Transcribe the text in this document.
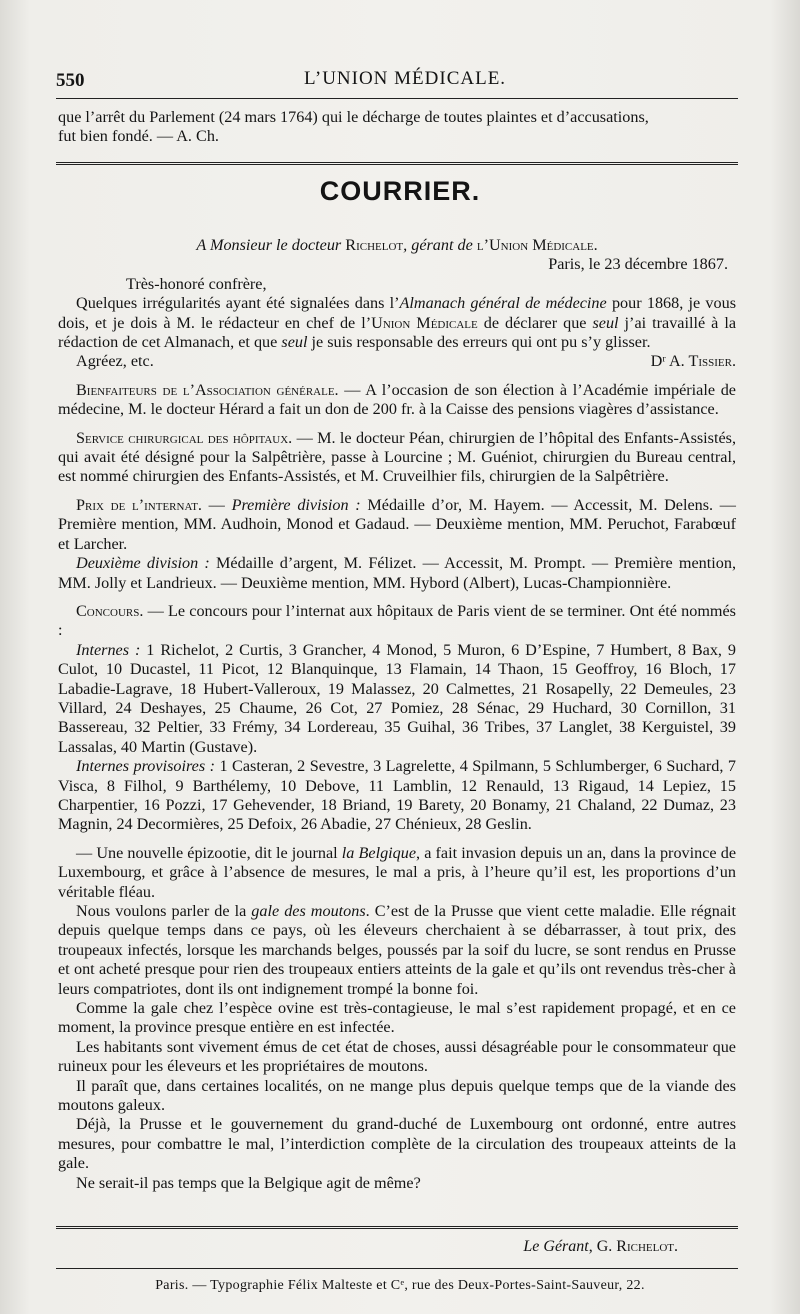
550	L’UNION MÉDICALE.

que l’arrêt du Parlement (24 mars 1764) qui le décharge de toutes plaintes et d’accusations,

fut bien fondé. — A. Ch.

COURRIER.

A Monsieur le docteur Richelot, gérant de l’Union Médicale.

Paris, le 23 décembre 1867.

Très-honoré confrère,

Quelques irrégularités ayant été signalées dans l’Almanach général de médecine pour 1868, je vous dois, et je dois à M. le rédacteur en chef de l’Union Médicale de déclarer que seul j’ai travaillé à la rédaction de cet Almanach, et que seul je suis responsable des erreurs qui ont pu s’y glisser.

Agréez, etc.	Dʳ A. Tissier.

Bienfaiteurs de l’Association générale. — A l’occasion de son élection à l’Académie impériale de médecine, M. le docteur Hérard a fait un don de 200 fr. à la Caisse des pensions viagères d’assistance.

Service chirurgical des hôpitaux. — M. le docteur Péan, chirurgien de l’hôpital des Enfants-Assistés, qui avait été désigné pour la Salpêtrière, passe à Lourcine ; M. Guéniot, chirurgien du Bureau central, est nommé chirurgien des Enfants-Assistés, et M. Cruveilhier fils, chirurgien de la Salpêtrière.

Prix de l’internat. — Première division : Médaille d’or, M. Hayem. — Accessit, M. Delens. — Première mention, MM. Audhoin, Monod et Gadaud. — Deuxième mention, MM. Peruchot, Farabœuf et Larcher.

Deuxième division : Médaille d’argent, M. Félizet. — Accessit, M. Prompt. — Première mention, MM. Jolly et Landrieux. — Deuxième mention, MM. Hybord (Albert), Lucas-Championnière.

Concours. — Le concours pour l’internat aux hôpitaux de Paris vient de se terminer. Ont été nommés :

Internes : 1 Richelot, 2 Curtis, 3 Grancher, 4 Monod, 5 Muron, 6 D’Espine, 7 Humbert, 8 Bax, 9 Culot, 10 Ducastel, 11 Picot, 12 Blanquinque, 13 Flamain, 14 Thaon, 15 Geoffroy, 16 Bloch, 17 Labadie-Lagrave, 18 Hubert-Valleroux, 19 Malassez, 20 Calmettes, 21 Rosapelly, 22 Demeules, 23 Villard, 24 Deshayes, 25 Chaume, 26 Cot, 27 Pomiez, 28 Sénac, 29 Huchard, 30 Cornillon, 31 Bassereau, 32 Peltier, 33 Frémy, 34 Lordereau, 35 Guihal, 36 Tribes, 37 Langlet, 38 Kerguistel, 39 Lassalas, 40 Martin (Gustave).

Internes provisoires : 1 Casteran, 2 Sevestre, 3 Lagrelette, 4 Spilmann, 5 Schlumberger, 6 Suchard, 7 Visca, 8 Filhol, 9 Barthélemy, 10 Debove, 11 Lamblin, 12 Renauld, 13 Rigaud, 14 Lepiez, 15 Charpentier, 16 Pozzi, 17 Gehevender, 18 Briand, 19 Barety, 20 Bonamy, 21 Chaland, 22 Dumaz, 23 Magnin, 24 Decormières, 25 Defoix, 26 Abadie, 27 Chénieux, 28 Geslin.

— Une nouvelle épizootie, dit le journal la Belgique, a fait invasion depuis un an, dans la province de Luxembourg, et grâce à l’absence de mesures, le mal a pris, à l’heure qu’il est, les proportions d’un véritable fléau.

Nous voulons parler de la gale des moutons. C’est de la Prusse que vient cette maladie. Elle régnait depuis quelque temps dans ce pays, où les éleveurs cherchaient à se débarrasser, à tout prix, des troupeaux infectés, lorsque les marchands belges, poussés par la soif du lucre, se sont rendus en Prusse et ont acheté presque pour rien des troupeaux entiers atteints de la gale et qu’ils ont revendus très-cher à leurs compatriotes, dont ils ont indignement trompé la bonne foi.

Comme la gale chez l’espèce ovine est très-contagieuse, le mal s’est rapidement propagé, et en ce moment, la province presque entière en est infectée.

Les habitants sont vivement émus de cet état de choses, aussi désagréable pour le consommateur que ruineux pour les éleveurs et les propriétaires de moutons.

Il paraît que, dans certaines localités, on ne mange plus depuis quelque temps que de la viande des moutons galeux.

Déjà, la Prusse et le gouvernement du grand-duché de Luxembourg ont ordonné, entre autres mesures, pour combattre le mal, l’interdiction complète de la circulation des troupeaux atteints de la gale.

Ne serait-il pas temps que la Belgique agit de même?

Le Gérant, G. Richelot.
Paris. — Typographie Félix Malteste et Cᵉ, rue des Deux-Portes-Saint-Sauveur, 22.
